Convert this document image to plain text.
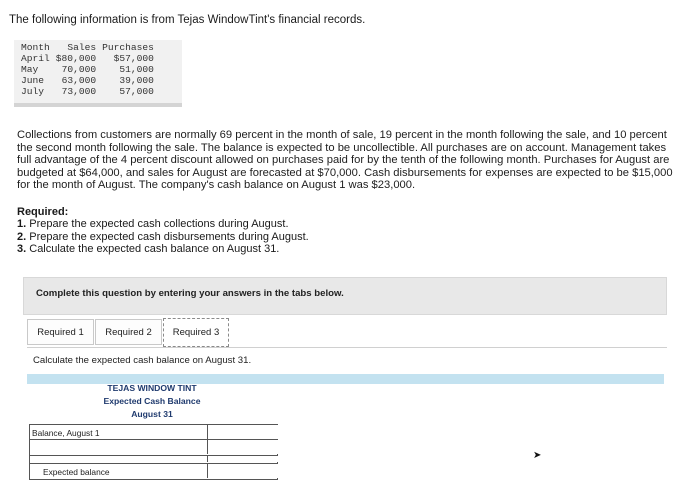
The following information is from Tejas WindowTint's financial records.
Month	Sales	Purchases
April	$80,000	$57,000
May	70,000	51,000
June	63,000	39,000
July	73,000	57,000
Collections from customers are normally 69 percent in the month of sale, 19 percent in the month following the sale, and 10 percent
the second month following the sale. The balance is expected to be uncollectible. All purchases are on account. Management takes
full advantage of the 4 percent discount allowed on purchases paid for by the tenth of the following month. Purchases for August are
budgeted at $64,000, and sales for August are forecasted at $70,000. Cash disbursements for expenses are expected to be $15,000
for the month of August. The company's cash balance on August 1 was $23,000.
Required:
1. Prepare the expected cash collections during August.
2. Prepare the expected cash disbursements during August.
3. Calculate the expected cash balance on August 31.
Complete this question by entering your answers in the tabs below.
Required 1	Required 2	Required 3
Calculate the expected cash balance on August 31.
TEJAS WINDOW TINT
Expected Cash Balance
August 31
Balance, August 1
Expected balance
➤
